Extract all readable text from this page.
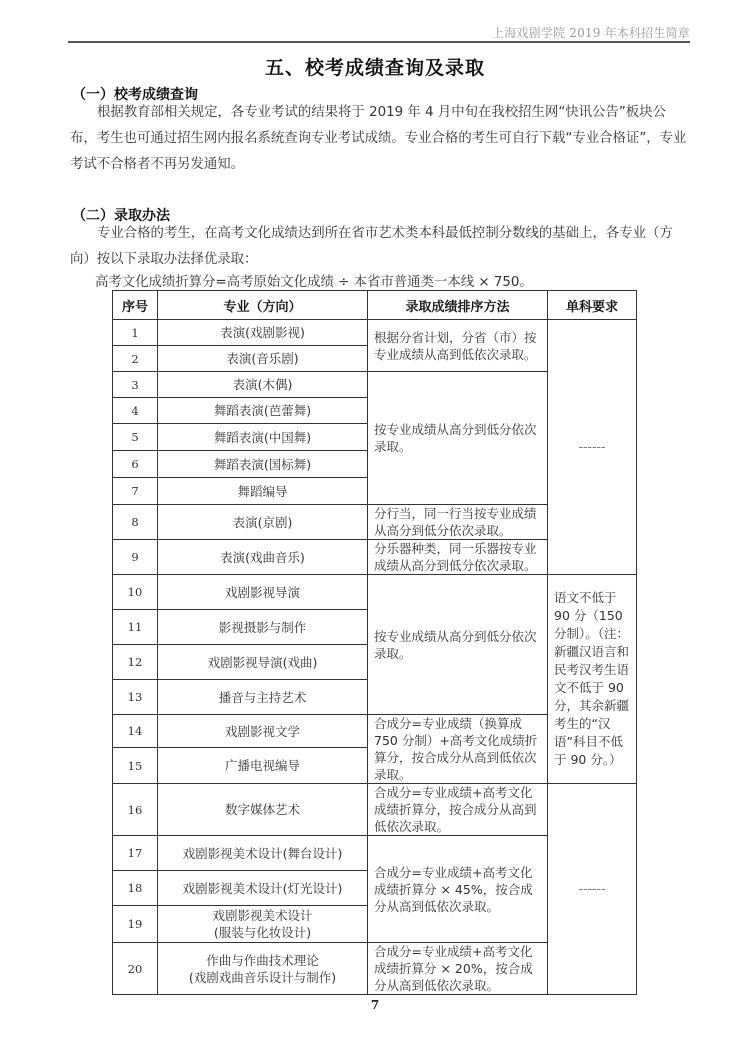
上海戏剧学院 2019 年本科招生简章
五、校考成绩查询及录取
（一）校考成绩查询
根据教育部相关规定，各专业考试的结果将于 2019 年 4 月中旬在我校招生网“快讯公告”板块公布，考生也可通过招生网内报名系统查询专业考试成绩。专业合格的考生可自行下载“专业合格证”，专业考试不合格者不再另发通知。
（二）录取办法
专业合格的考生，在高考文化成绩达到所在省市艺术类本科最低控制分数线的基础上，各专业（方向）按以下录取办法择优录取：
高考文化成绩折算分=高考原始文化成绩 ÷ 本省市普通类一本线 × 750。
序号	专业（方向）	录取成绩排序方法	单科要求
1	表演(戏剧影视)	根据分省计划，分省（市）按专业成绩从高到低依次录取。	------
2	表演(音乐剧)		
3	表演(木偶)	按专业成绩从高分到低分依次录取。	
4	舞蹈表演(芭蕾舞)		
5	舞蹈表演(中国舞)		
6	舞蹈表演(国标舞)		
7	舞蹈编导		
8	表演(京剧)	分行当，同一行当按专业成绩从高分到低分依次录取。	
9	表演(戏曲音乐)	分乐器种类，同一乐器按专业成绩从高分到低分依次录取。	
10	戏剧影视导演	按专业成绩从高分到低分依次录取。	语文不低于 90 分（150 分制）。（注：新疆汉语言和民考汉考生语文不低于 90 分，其余新疆考生的“汉语”科目不低于 90 分。）
11	影视摄影与制作		
12	戏剧影视导演(戏曲)		
13	播音与主持艺术		
14	戏剧影视文学	合成分=专业成绩（换算成 750 分制）+高考文化成绩折算分，按合成分从高到低依次录取。	
15	广播电视编导		
16	数字媒体艺术	合成分=专业成绩+高考文化成绩折算分，按合成分从高到低依次录取。	------
17	戏剧影视美术设计(舞台设计)	合成分=专业成绩+高考文化成绩折算分 × 45%，按合成分从高到低依次录取。	
18	戏剧影视美术设计(灯光设计)		
19	戏剧影视美术设计
(服装与化妆设计)		

20	作曲与作曲技术理论
(戏剧戏曲音乐设计与制作)	合成分=专业成绩+高考文化成绩折算分 × 20%，按合成分从高到低依次录取。	
7
